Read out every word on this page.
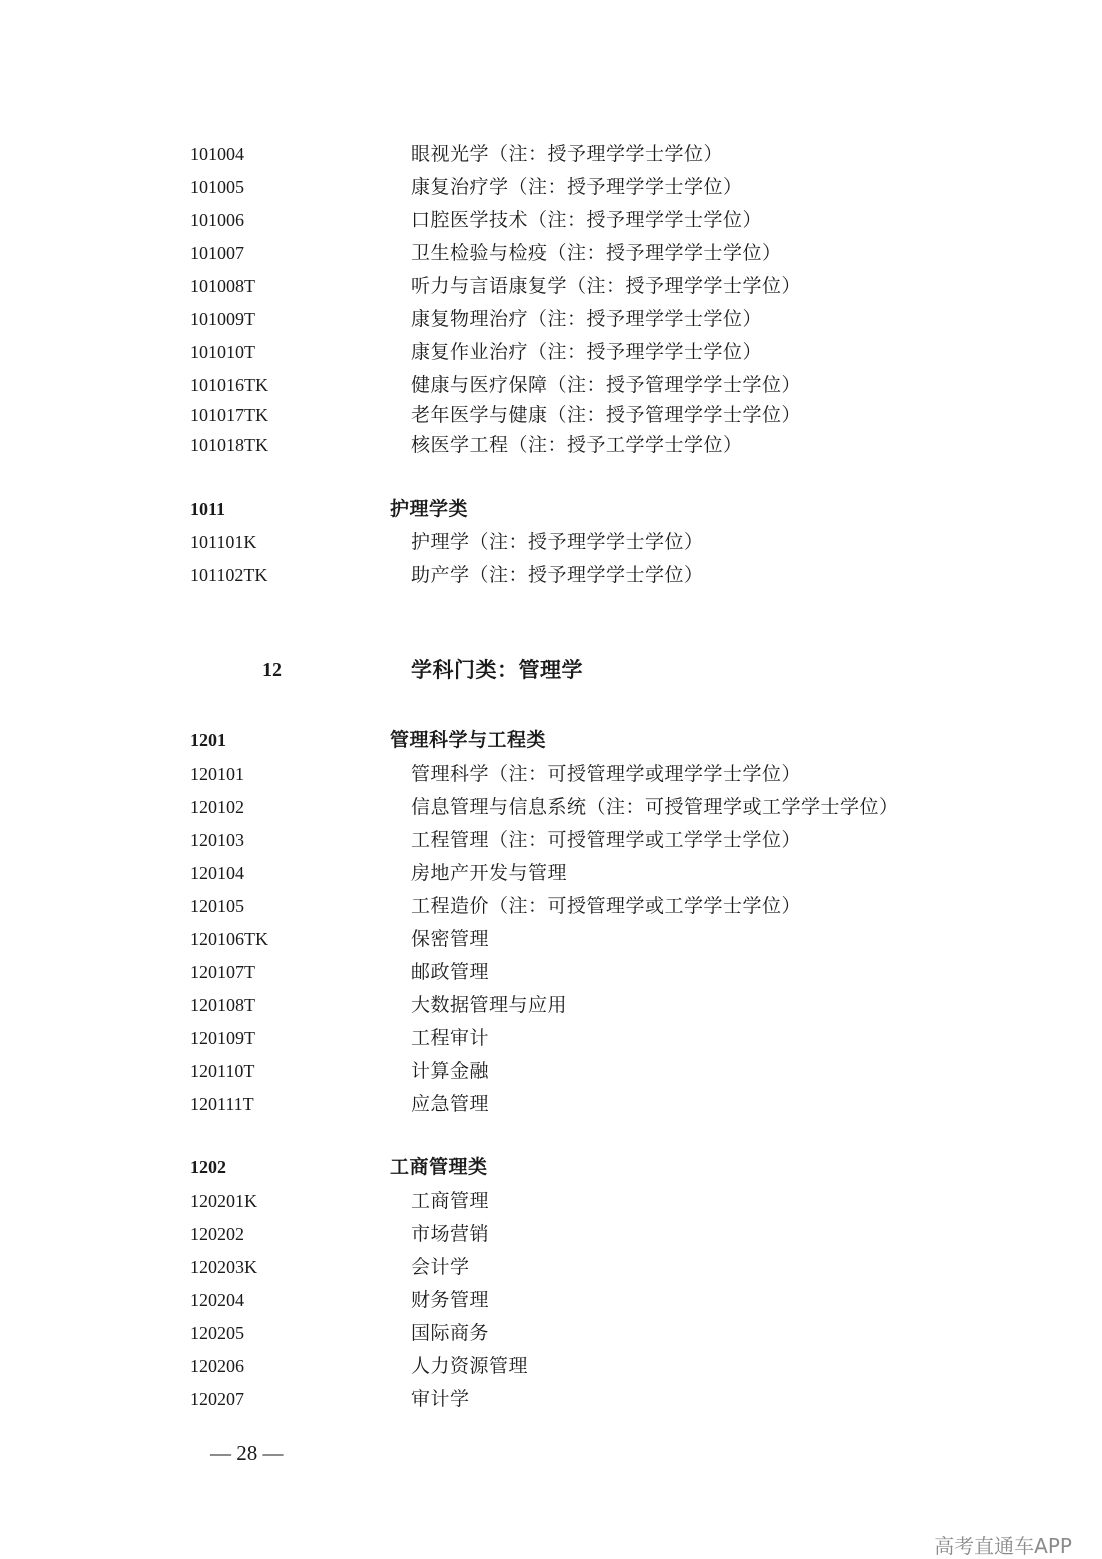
101004	眼视光学（注：授予理学学士学位）
101005	康复治疗学（注：授予理学学士学位）
101006	口腔医学技术（注：授予理学学士学位）
101007	卫生检验与检疫（注：授予理学学士学位）
101008T	听力与言语康复学（注：授予理学学士学位）
101009T	康复物理治疗（注：授予理学学士学位）
101010T	康复作业治疗（注：授予理学学士学位）
101016TK	健康与医疗保障（注：授予管理学学士学位）
101017TK	老年医学与健康（注：授予管理学学士学位）
101018TK	核医学工程（注：授予工学学士学位）
1011	护理学类
101101K	护理学（注：授予理学学士学位）
101102TK	助产学（注：授予理学学士学位）
12	学科门类：管理学
1201	管理科学与工程类
120101	管理科学（注：可授管理学或理学学士学位）
120102	信息管理与信息系统（注：可授管理学或工学学士学位）
120103	工程管理（注：可授管理学或工学学士学位）
120104	房地产开发与管理
120105	工程造价（注：可授管理学或工学学士学位）
120106TK	保密管理
120107T	邮政管理
120108T	大数据管理与应用
120109T	工程审计
120110T	计算金融
120111T	应急管理
1202	工商管理类
120201K	工商管理
120202	市场营销
120203K	会计学
120204	财务管理
120205	国际商务
120206	人力资源管理
120207	审计学
— 28 —
高考直通车APP
